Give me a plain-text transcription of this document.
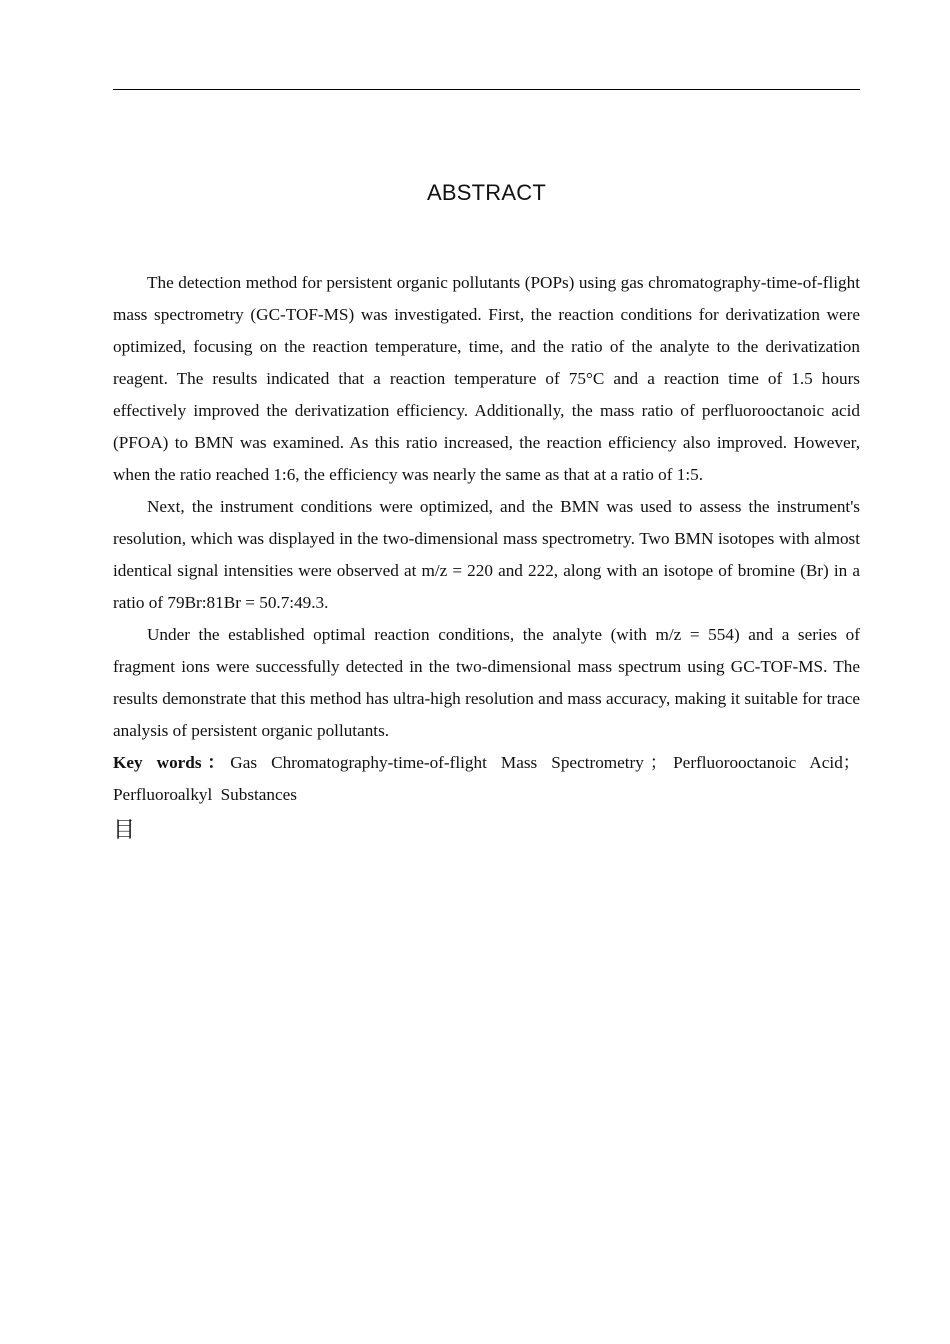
ABSTRACT

The detection method for persistent organic pollutants (POPs) using gas chromatography-time-of-flight mass spectrometry (GC-TOF-MS) was investigated. First, the reaction conditions for derivatization were optimized, focusing on the reaction temperature, time, and the ratio of the analyte to the derivatization reagent. The results indicated that a reaction temperature of 75°C and a reaction time of 1.5 hours effectively improved the derivatization efficiency. Additionally, the mass ratio of perfluorooctanoic acid (PFOA) to BMN was examined. As this ratio increased, the reaction efficiency also improved. However, when the ratio reached 1:6, the efficiency was nearly the same as that at a ratio of 1:5.

Next, the instrument conditions were optimized, and the BMN was used to assess the instrument's resolution, which was displayed in the two-dimensional mass spectrometry. Two BMN isotopes with almost identical signal intensities were observed at m/z = 220 and 222, along with an isotope of bromine (Br) in a ratio of 79Br:81Br = 50.7:49.3.

Under the established optimal reaction conditions, the analyte (with m/z = 554) and a series of fragment ions were successfully detected in the two-dimensional mass spectrum using GC-TOF-MS. The results demonstrate that this method has ultra-high resolution and mass accuracy, making it suitable for trace analysis of persistent organic pollutants.

Key words：Gas Chromatography-time-of-flight Mass Spectrometry ； Perfluorooctanoic Acid；Perfluoroalkyl Substances

目
